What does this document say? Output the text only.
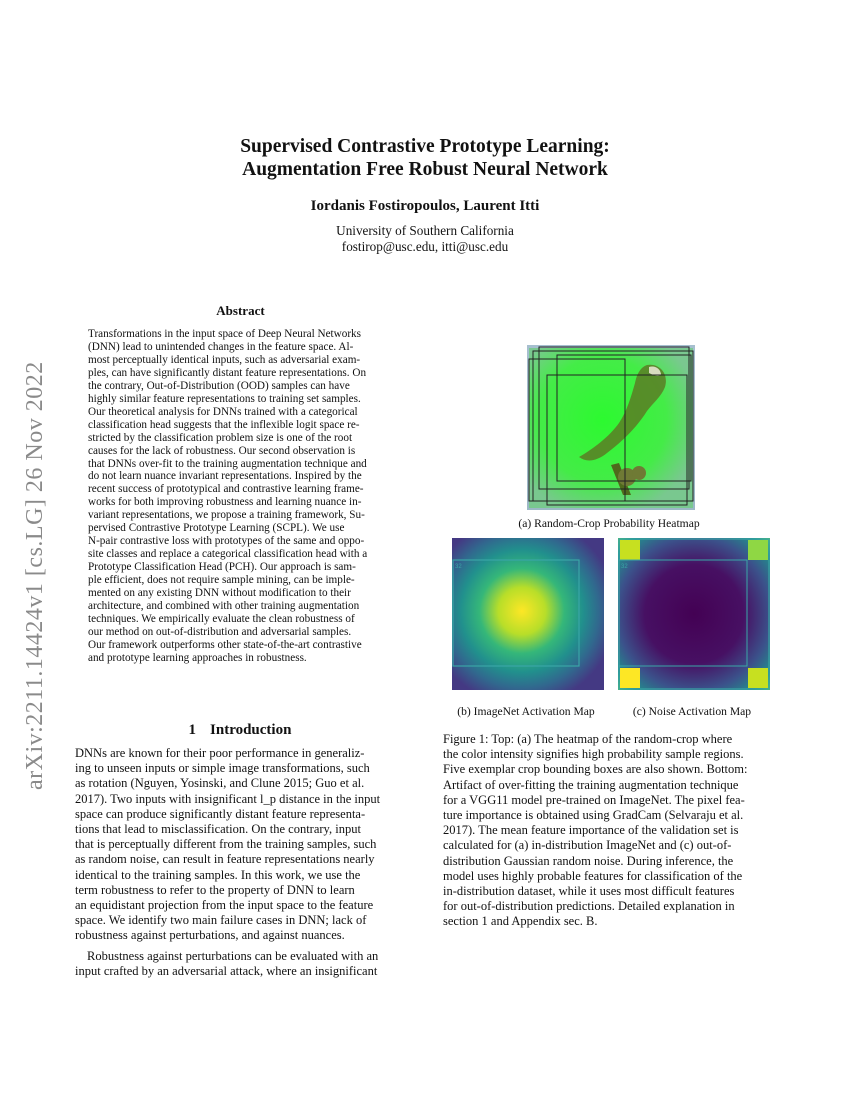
arXiv:2211.14424v1 [cs.LG] 26 Nov 2022
Supervised Contrastive Prototype Learning:
Augmentation Free Robust Neural Network
Iordanis Fostiropoulos, Laurent Itti
University of Southern California
fostirop@usc.edu, itti@usc.edu
Abstract
Transformations in the input space of Deep Neural Networks
(DNN) lead to unintended changes in the feature space. Al-
most perceptually identical inputs, such as adversarial exam-
ples, can have significantly distant feature representations. On
the contrary, Out-of-Distribution (OOD) samples can have
highly similar feature representations to training set samples.
Our theoretical analysis for DNNs trained with a categorical
classification head suggests that the inflexible logit space re-
stricted by the classification problem size is one of the root
causes for the lack of robustness. Our second observation is
that DNNs over-fit to the training augmentation technique and
do not learn nuance invariant representations. Inspired by the
recent success of prototypical and contrastive learning frame-
works for both improving robustness and learning nuance in-
variant representations, we propose a training framework, Su-
pervised Contrastive Prototype Learning (SCPL). We use
N-pair contrastive loss with prototypes of the same and oppo-
site classes and replace a categorical classification head with a
Prototype Classification Head (PCH). Our approach is sam-
ple efficient, does not require sample mining, can be imple-
mented on any existing DNN without modification to their
architecture, and combined with other training augmentation
techniques. We empirically evaluate the clean robustness of
our method on out-of-distribution and adversarial samples.
Our framework outperforms other state-of-the-art contrastive
and prototype learning approaches in robustness.
1 Introduction
DNNs are known for their poor performance in generaliz-
ing to unseen inputs or simple image transformations, such
as rotation (Nguyen, Yosinski, and Clune 2015; Guo et al.
2017). Two inputs with insignificant l_p distance in the input
space can produce significantly distant feature representa-
tions that lead to misclassification. On the contrary, input
that is perceptually different from the training samples, such
as random noise, can result in feature representations nearly
identical to the training samples. In this work, we use the
term robustness to refer to the property of DNN to learn
an equidistant projection from the input space to the feature
space. We identify two main failure cases in DNN; lack of
robustness against perturbations, and against nuances.
Robustness against perturbations can be evaluated with an
input crafted by an adversarial attack, where an insignificant
(a) Random-Crop Probability Heatmap
32	32
(b) ImageNet Activation Map	(c) Noise Activation Map
Figure 1: Top: (a) The heatmap of the random-crop where
the color intensity signifies high probability sample regions.
Five exemplar crop bounding boxes are also shown. Bottom:
Artifact of over-fitting the training augmentation technique
for a VGG11 model pre-trained on ImageNet. The pixel fea-
ture importance is obtained using GradCam (Selvaraju et al.
2017). The mean feature importance of the validation set is
calculated for (a) in-distribution ImageNet and (c) out-of-
distribution Gaussian random noise. During inference, the
model uses highly probable features for classification of the
in-distribution dataset, while it uses most difficult features
for out-of-distribution predictions. Detailed explanation in
section 1 and Appendix sec. B.
